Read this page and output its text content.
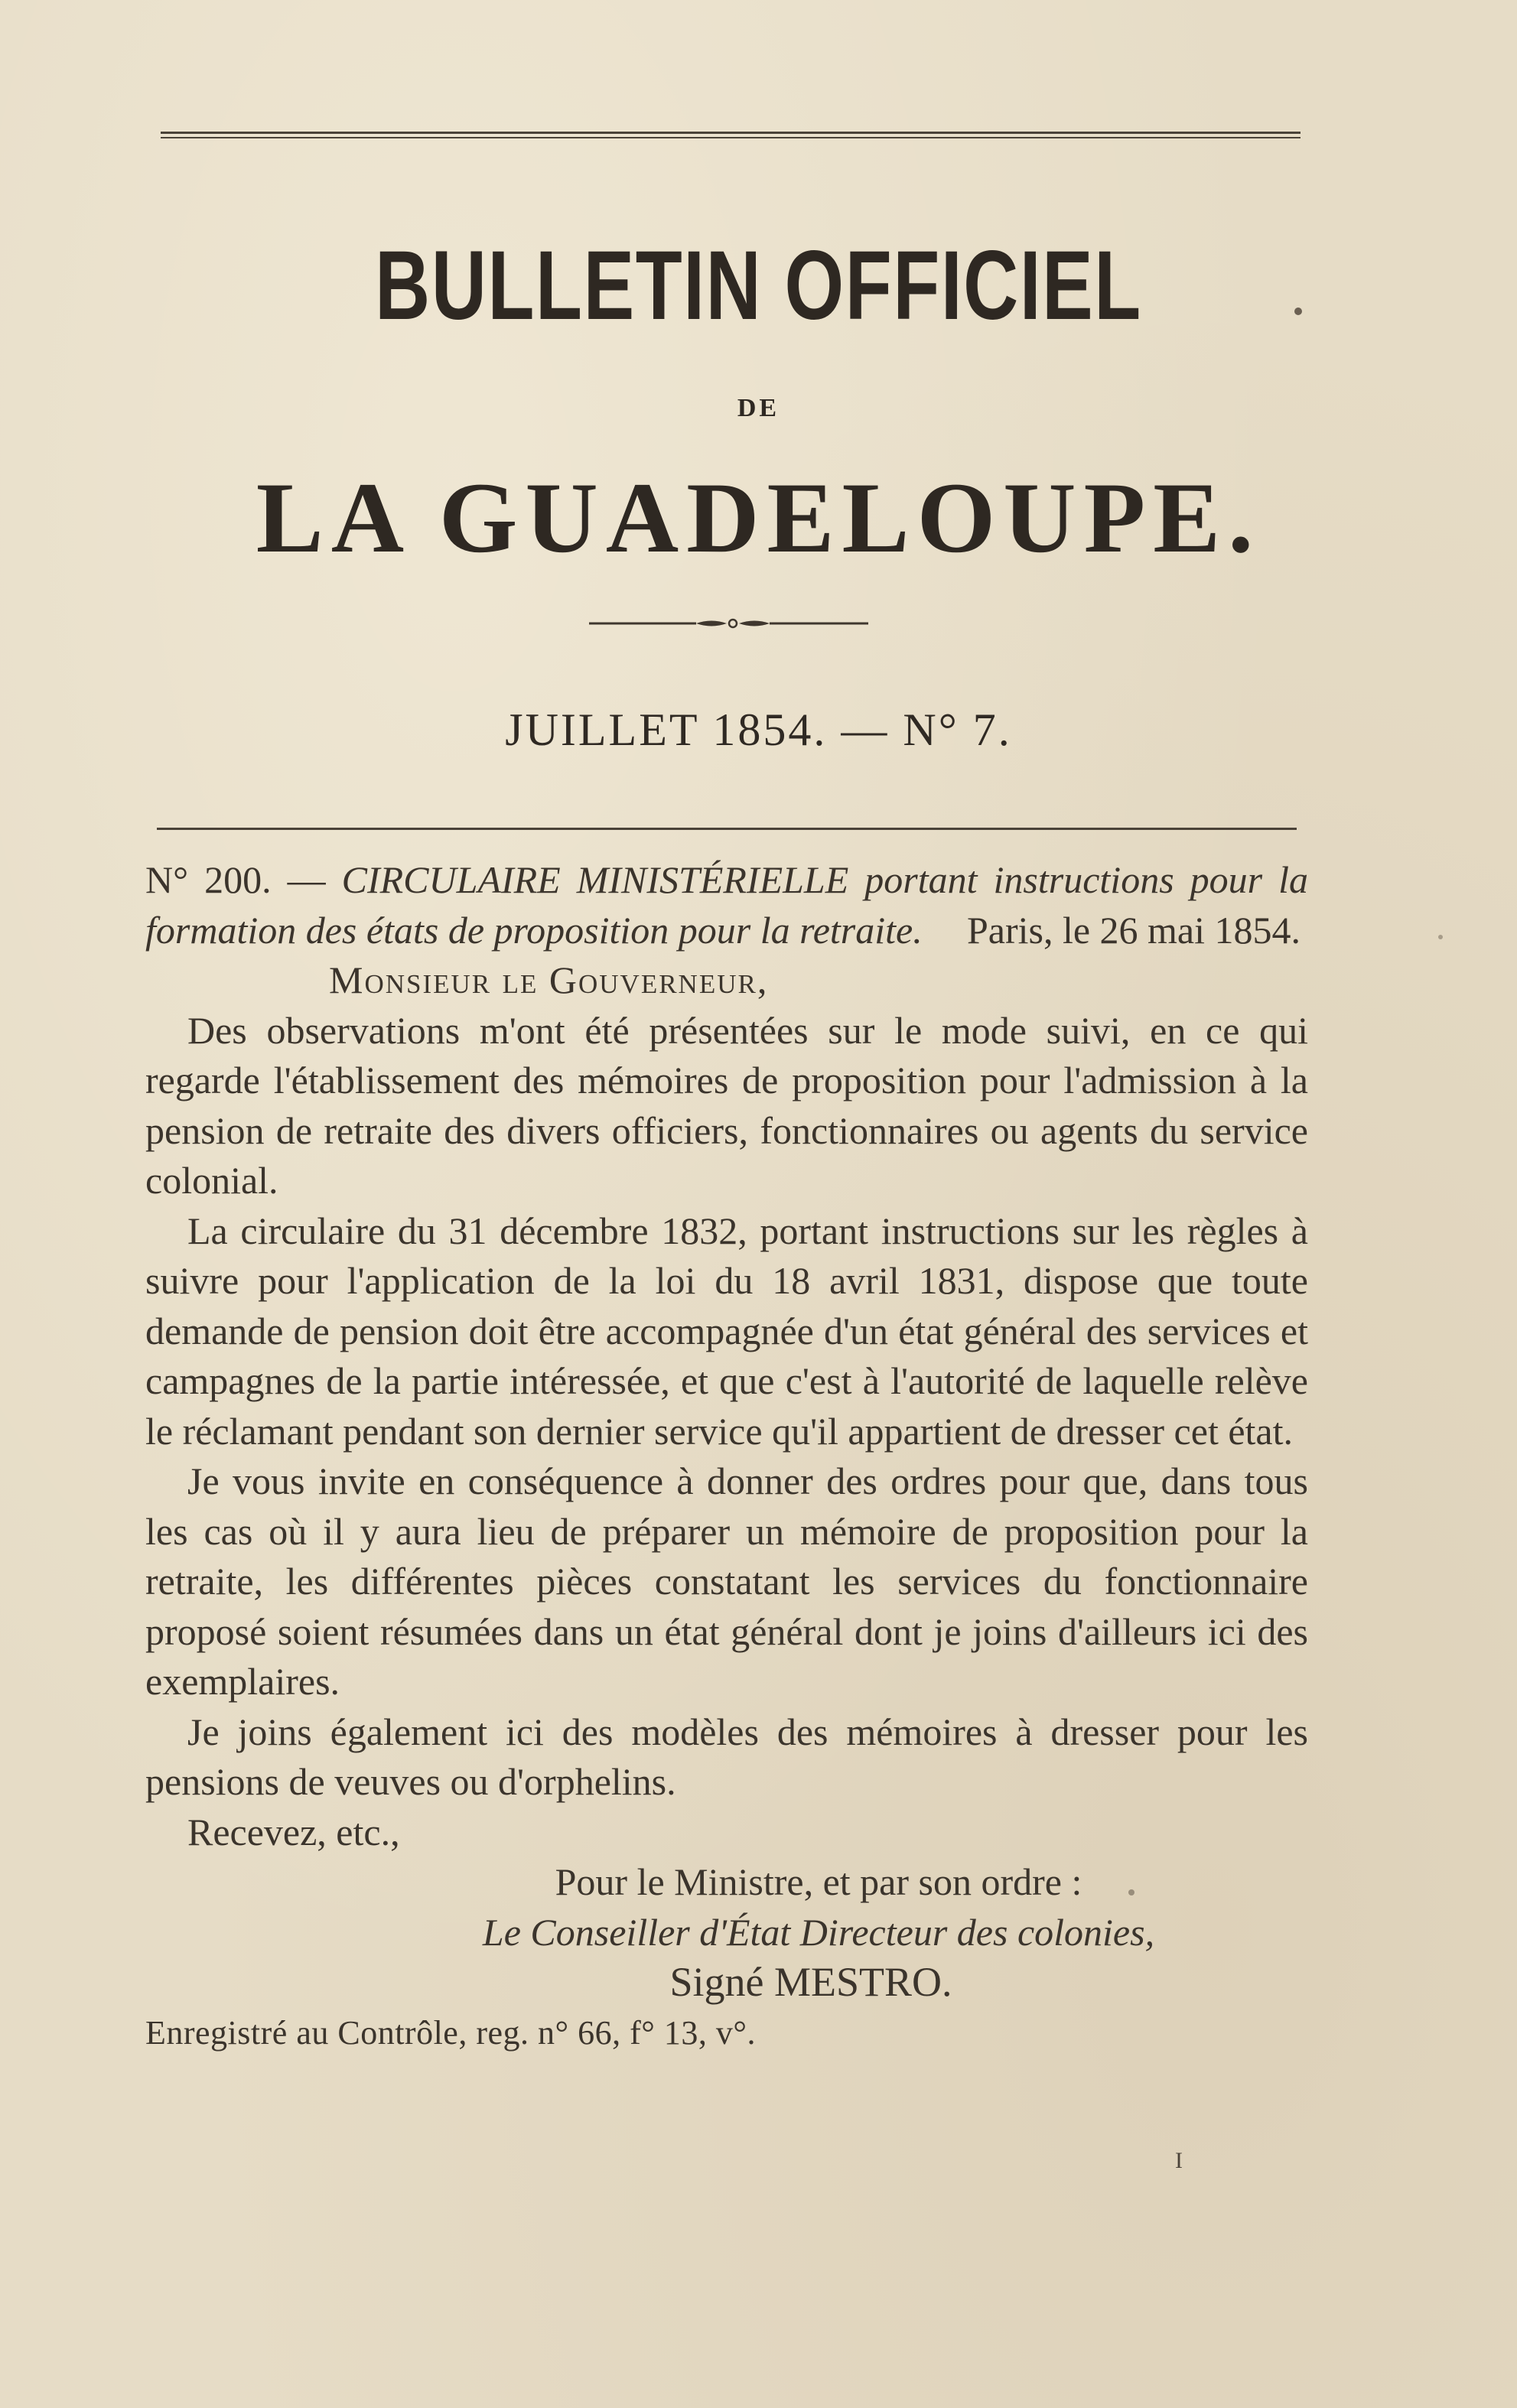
BULLETIN OFFICIEL
DE
LA GUADELOUPE.
JUILLET 1854. — N° 7.

N° 200. — CIRCULAIRE MINISTÉRIELLE portant instructions pour la formation des états de proposition pour la retraite. Paris, le 26 mai 1854.

Monsieur le Gouverneur,

Des observations m'ont été présentées sur le mode suivi, en ce qui regarde l'établissement des mémoires de proposition pour l'admission à la pension de retraite des divers officiers, fonctionnaires ou agents du service colonial.

La circulaire du 31 décembre 1832, portant instructions sur les règles à suivre pour l'application de la loi du 18 avril 1831, dispose que toute demande de pension doit être accompagnée d'un état général des services et campagnes de la partie intéressée, et que c'est à l'autorité de laquelle relève le réclamant pendant son dernier service qu'il appartient de dresser cet état.

Je vous invite en conséquence à donner des ordres pour que, dans tous les cas où il y aura lieu de préparer un mémoire de proposition pour la retraite, les différentes pièces constatant les services du fonctionnaire proposé soient résumées dans un état général dont je joins d'ailleurs ici des exemplaires.

Je joins également ici des modèles des mémoires à dresser pour les pensions de veuves ou d'orphelins.

Recevez, etc.,

Pour le Ministre, et par son ordre :

Le Conseiller d'État Directeur des colonies,

Signé MESTRO.

Enregistré au Contrôle, reg. n° 66, f° 13, v°.

I
